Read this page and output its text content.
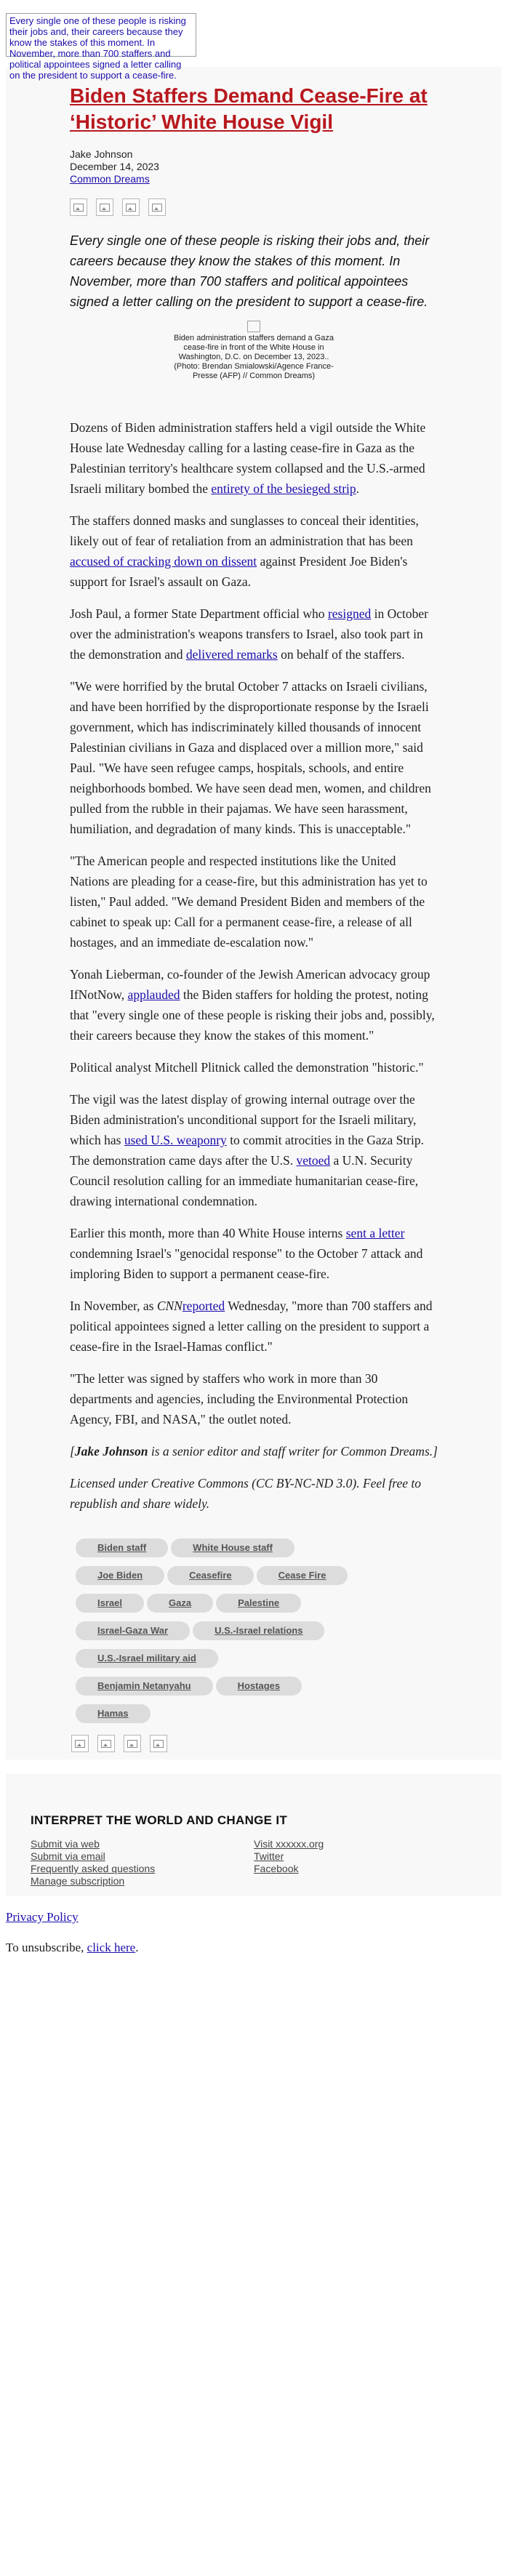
Every single one of these people is risking their jobs and, their careers because they know the stakes of this moment. In November, more than 700 staffers and political appointees signed a letter calling on the president to support a cease-fire.
Biden Staffers Demand Cease-Fire at ‘Historic’ White House Vigil
Jake Johnson
December 14, 2023
Common Dreams
Every single one of these people is risking their jobs and, their careers because they know the stakes of this moment. In November, more than 700 staffers and political appointees signed a letter calling on the president to support a cease-fire.
Biden administration staffers demand a Gaza cease-fire in front of the White House in Washington, D.C. on December 13, 2023.. (Photo: Brendan Smialowski/Agence France-Presse (AFP) // Common Dreams)

Dozens of Biden administration staffers held a vigil outside the White House late Wednesday calling for a lasting cease-fire in Gaza as the Palestinian territory's healthcare system collapsed and the U.S.-armed Israeli military bombed the entirety of the besieged strip.

The staffers donned masks and sunglasses to conceal their identities, likely out of fear of retaliation from an administration that has been accused of cracking down on dissent against President Joe Biden's support for Israel's assault on Gaza.

Josh Paul, a former State Department official who resigned in October over the administration's weapons transfers to Israel, also took part in the demonstration and delivered remarks on behalf of the staffers.

"We were horrified by the brutal October 7 attacks on Israeli civilians, and have been horrified by the disproportionate response by the Israeli government, which has indiscriminately killed thousands of innocent Palestinian civilians in Gaza and displaced over a million more," said Paul. "We have seen refugee camps, hospitals, schools, and entire neighborhoods bombed. We have seen dead men, women, and children pulled from the rubble in their pajamas. We have seen harassment, humiliation, and degradation of many kinds. This is unacceptable."

"The American people and respected institutions like the United Nations are pleading for a cease-fire, but this administration has yet to listen," Paul added. "We demand President Biden and members of the cabinet to speak up: Call for a permanent cease-fire, a release of all hostages, and an immediate de-escalation now."

Yonah Lieberman, co-founder of the Jewish American advocacy group IfNotNow, applauded the Biden staffers for holding the protest, noting that "every single one of these people is risking their jobs and, possibly, their careers because they know the stakes of this moment."

Political analyst Mitchell Plitnick called the demonstration "historic."

The vigil was the latest display of growing internal outrage over the Biden administration's unconditional support for the Israeli military, which has used U.S. weaponry to commit atrocities in the Gaza Strip. The demonstration came days after the U.S. vetoed a U.N. Security Council resolution calling for an immediate humanitarian cease-fire, drawing international condemnation.

Earlier this month, more than 40 White House interns sent a letter condemning Israel's "genocidal response" to the October 7 attack and imploring Biden to support a permanent cease-fire.

In November, as CNNreported Wednesday, "more than 700 staffers and political appointees signed a letter calling on the president to support a cease-fire in the Israel-Hamas conflict."

"The letter was signed by staffers who work in more than 30 departments and agencies, including the Environmental Protection Agency, FBI, and NASA," the outlet noted.

[Jake Johnson is a senior editor and staff writer for Common Dreams.]

Licensed under Creative Commons (CC BY-NC-ND 3.0). Feel free to republish and share widely.

Biden staff	White House staff
Joe Biden	Ceasefire	Cease Fire
Israel	Gaza	Palestine
Israel-Gaza War	U.S.-Israel relations
U.S.-Israel military aid
Benjamin Netanyahu	Hostages
Hamas
INTERPRET THE WORLD AND CHANGE IT
Submit via web
Submit via email
Frequently asked questions
Manage subscription
Visit xxxxxx.org
Twitter
Facebook
Privacy Policy
To unsubscribe, click here.
